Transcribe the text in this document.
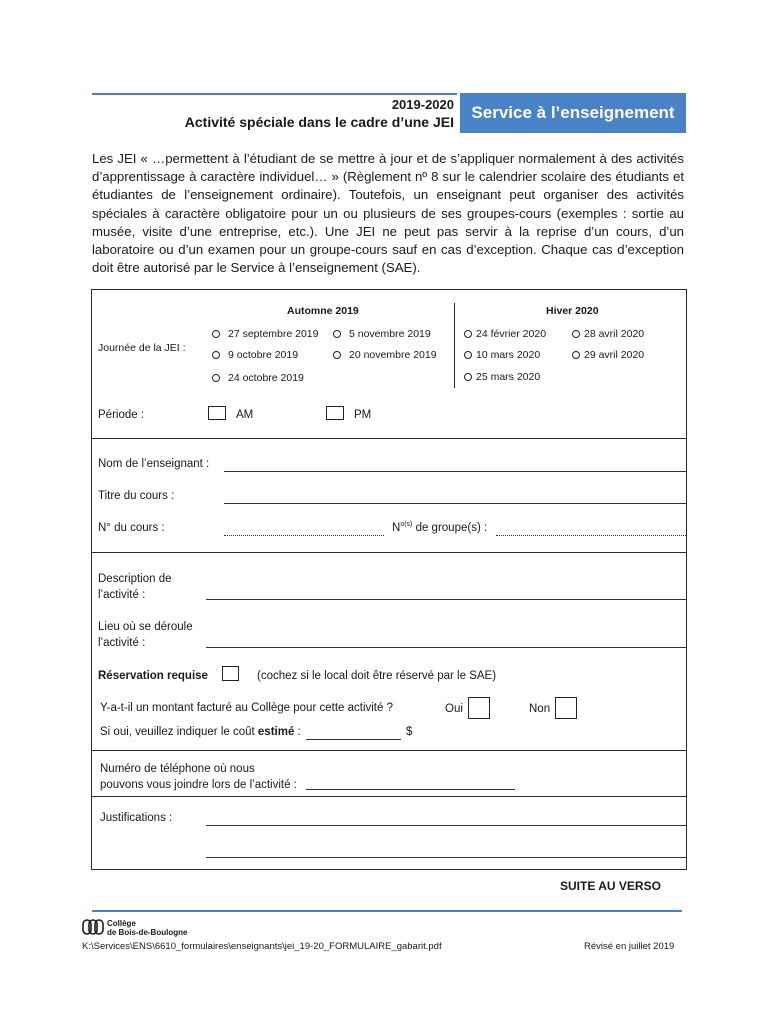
2019-2020
Activité spéciale dans le cadre d’une JEI Service à l’enseignement
Les JEI « …permettent à l’étudiant de se mettre à jour et de s’appliquer normalement à des activités d’apprentissage à caractère individuel… » (Règlement nº 8 sur le calendrier scolaire des étudiants et étudiantes de l’enseignement ordinaire). Toutefois, un enseignant peut organiser des activités spéciales à caractère obligatoire pour un ou plusieurs de ses groupes-cours (exemples : sortie au musée, visite d’une entreprise, etc.). Une JEI ne peut pas servir à la reprise d’un cours, d’un laboratoire ou d’un examen pour un groupe-cours sauf en cas d’exception. Chaque cas d’exception doit être autorisé par le Service à l’enseignement (SAE).
Automne 2019	Hiver 2020
Journée de la JEI :
27 septembre 2019	5 novembre 2019
9 octobre 2019	20 novembre 2019
24 octobre 2019
24 février 2020	28 avril 2020
10 mars 2020	29 avril 2020
25 mars 2020
Période :	AM	PM
Nom de l’enseignant :
Titre du cours :
N° du cours :	$N^{o(s)}$ de groupe(s) :
Description de
l’activité :
Lieu où se déroule
l’activité :
Réservation requise	(cochez si le local doit être réservé par le SAE)
Y-a-t-il un montant facturé au Collège pour cette activité ?	Oui	Non
Si oui, veuillez indiquer le coût estimé :	$
Numéro de téléphone où nous
pouvons vous joindre lors de l’activité :
Justifications :
SUITE AU VERSO
Collège
de Bois-de-Boulogne
K:\Services\ENS\6610_formulaires\enseignants\jei_19-20_FORMULAIRE_gabarit.pdf	Révisé en juillet 2019
